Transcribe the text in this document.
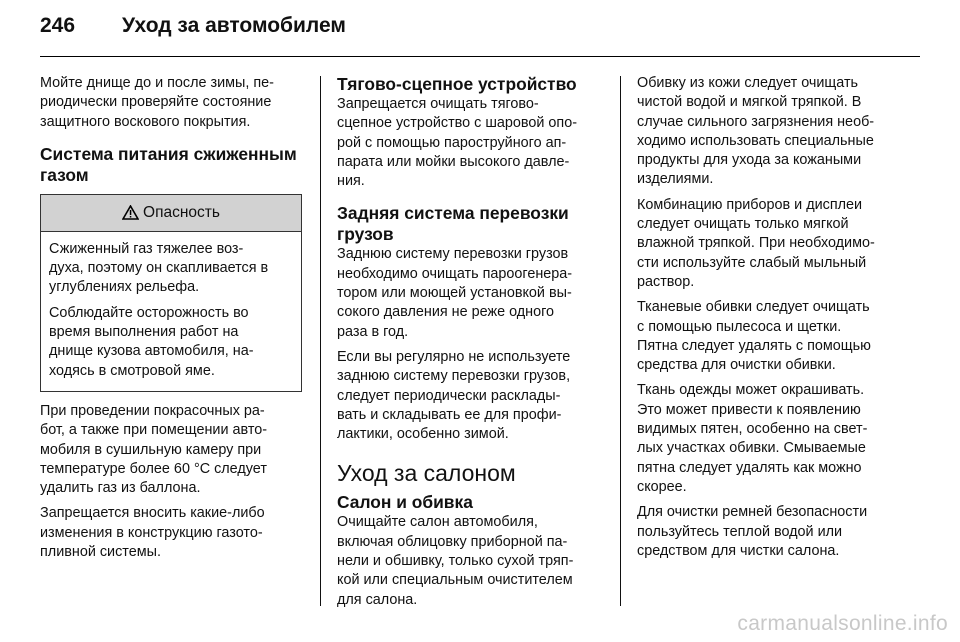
246	Уход за автомобилем

Мойте днище до и после зимы, пе-
риодически проверяйте состояние
защитного воскового покрытия.

Система питания сжиженным
газом
Опасность

Сжиженный газ тяжелее воз-
духа, поэтому он скапливается в
углублениях рельефа.

Соблюдайте осторожность во
время выполнения работ на
днище кузова автомобиля, на-
ходясь в смотровой яме.

При проведении покрасочных ра-
бот, а также при помещении авто-
мобиля в сушильную камеру при
температуре более 60 °C следует
удалить газ из баллона.

Запрещается вносить какие-либо
изменения в конструкцию газото-
пливной системы.

Тягово-сцепное устройство

Запрещается очищать тягово-
сцепное устройство с шаровой опо-
рой с помощью пароструйного ап-
парата или мойки высокого давле-
ния.

Задняя система перевозки
грузов

Заднюю систему перевозки грузов
необходимо очищать пароогенера-
тором или моющей установкой вы-
сокого давления не реже одного
раза в год.

Если вы регулярно не используете
заднюю систему перевозки грузов,
следует периодически расклады-
вать и складывать ее для профи-
лактики, особенно зимой.

Уход за салоном
Салон и обивка

Очищайте салон автомобиля,
включая облицовку приборной па-
нели и обшивку, только сухой тряп-
кой или специальным очистителем
для салона.

Обивку из кожи следует очищать
чистой водой и мягкой тряпкой. В
случае сильного загрязнения необ-
ходимо использовать специальные
продукты для ухода за кожаными
изделиями.

Комбинацию приборов и дисплеи
следует очищать только мягкой
влажной тряпкой. При необходимо-
сти используйте слабый мыльный
раствор.

Тканевые обивки следует очищать
с помощью пылесоса и щетки.
Пятна следует удалять с помощью
средства для очистки обивки.

Ткань одежды может окрашивать.
Это может привести к появлению
видимых пятен, особенно на свет-
лых участках обивки. Смываемые
пятна следует удалять как можно
скорее.

Для очистки ремней безопасности
пользуйтесь теплой водой или
средством для чистки салона.

carmanualsonline.info
